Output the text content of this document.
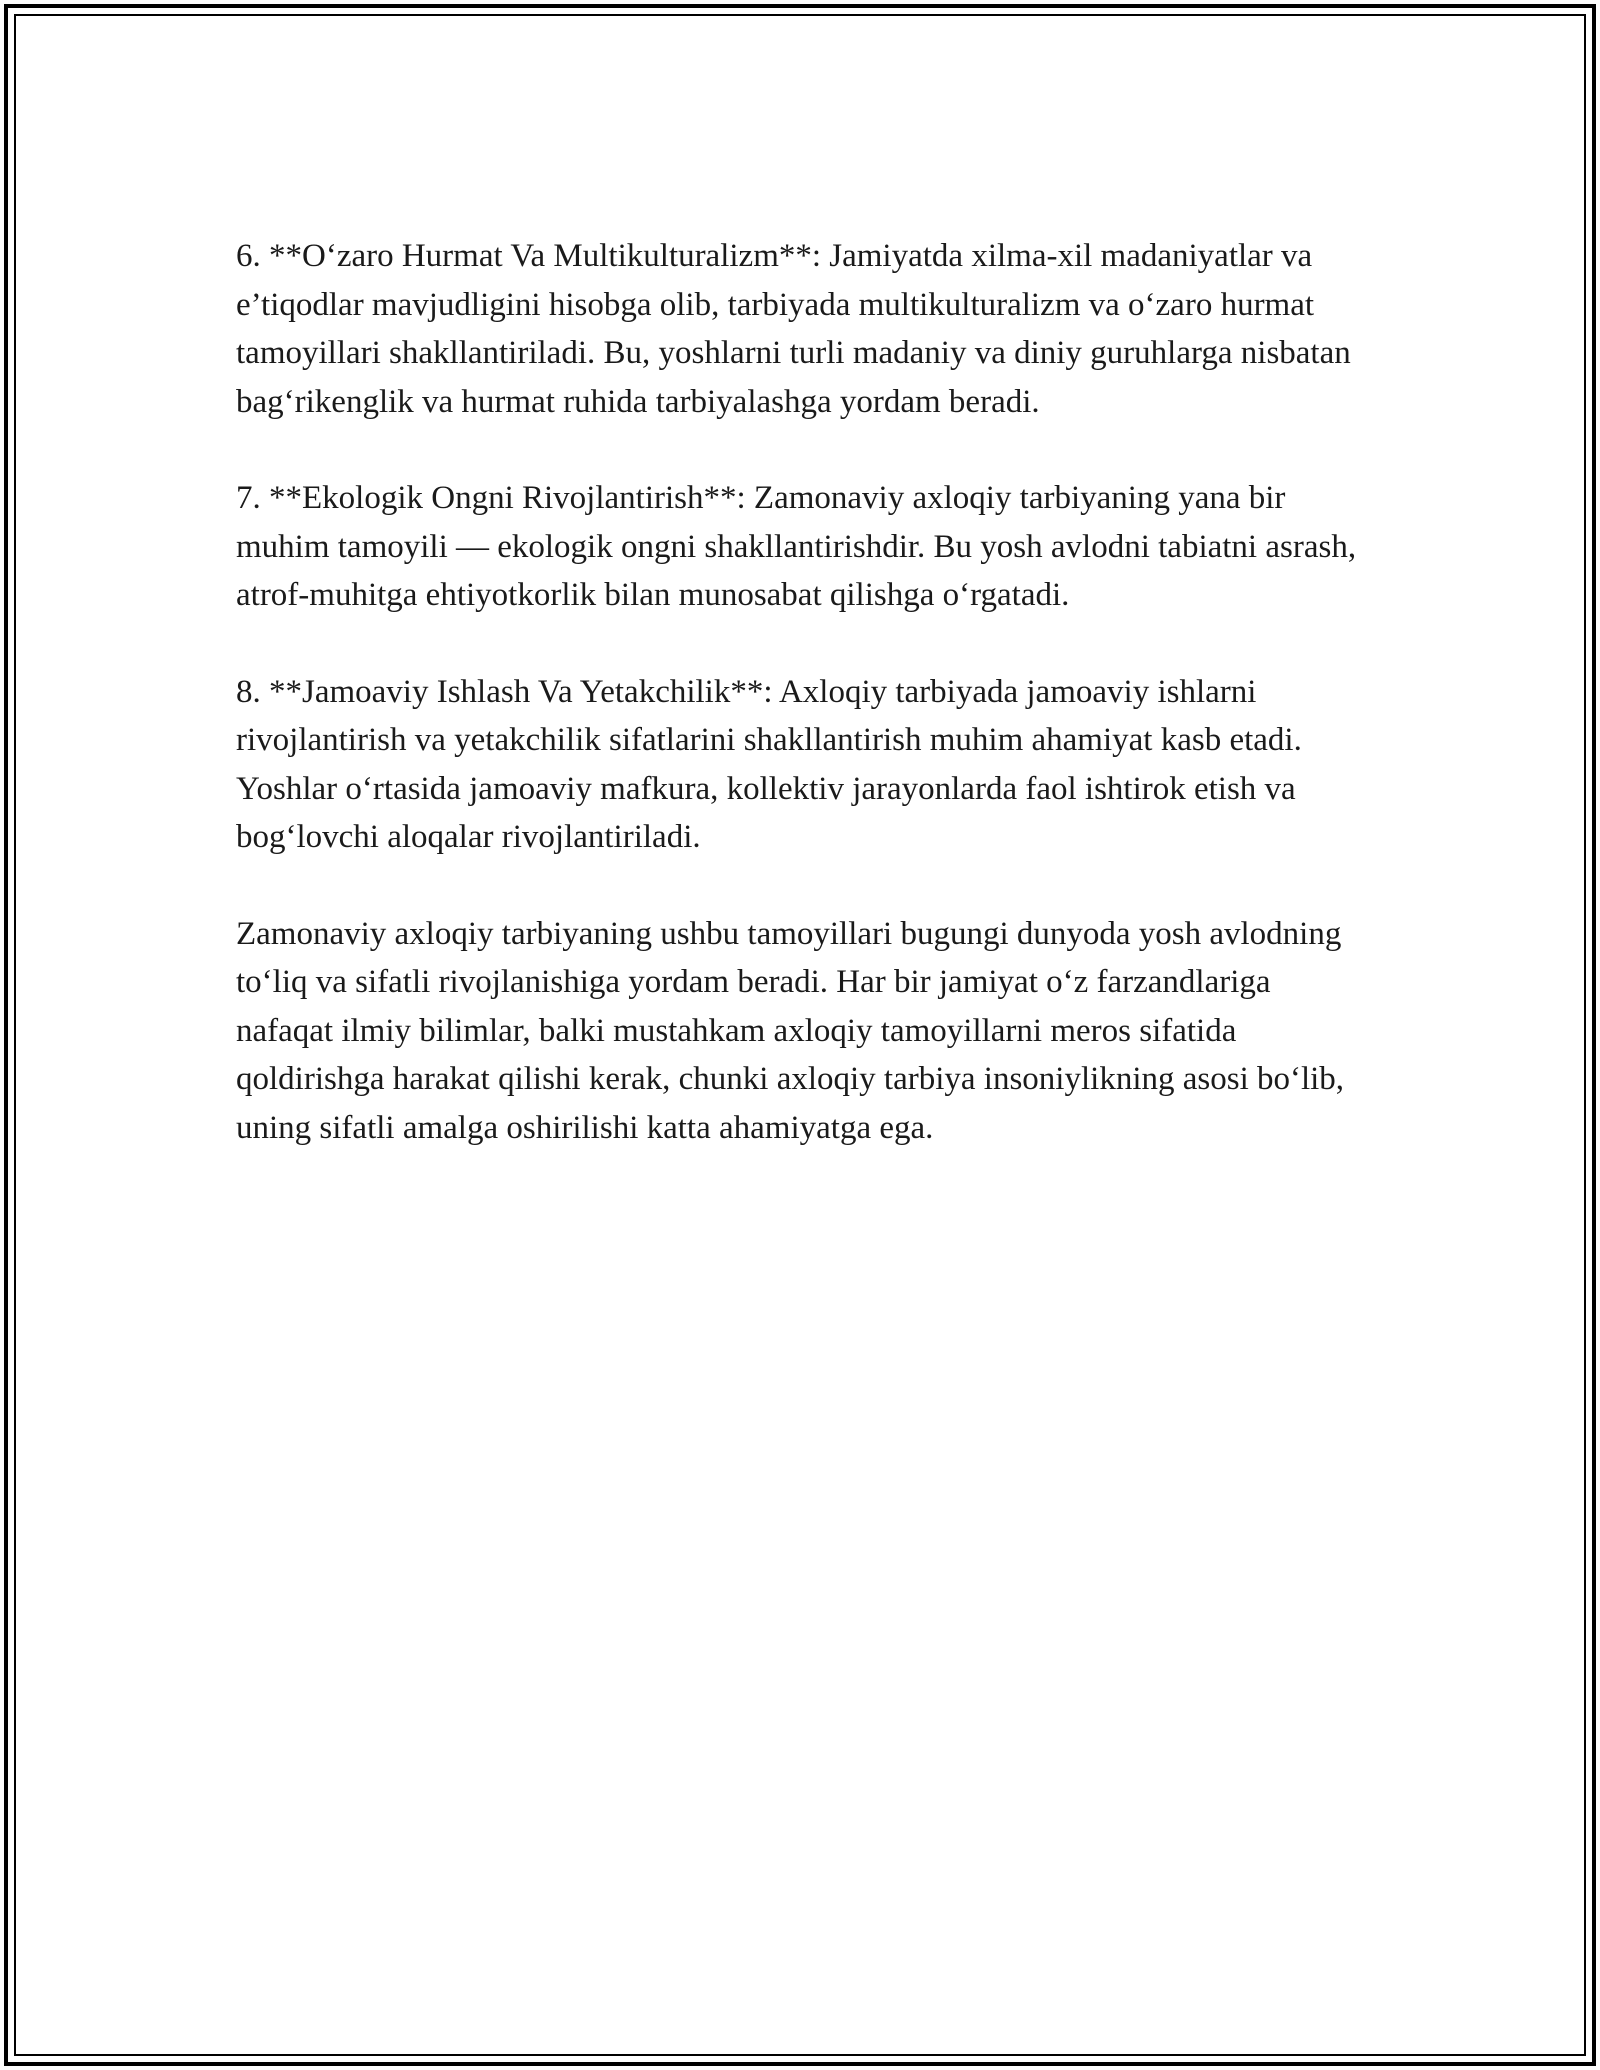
6. **O‘zaro Hurmat Va Multikulturalizm**: Jamiyatda xilma-xil madaniyatlar va e’tiqodlar mavjudligini hisobga olib, tarbiyada multikulturalizm va o‘zaro hurmat tamoyillari shakllantiriladi. Bu, yoshlarni turli madaniy va diniy guruhlarga nisbatan bag‘rikenglik va hurmat ruhida tarbiyalashga yordam beradi.

7. **Ekologik Ongni Rivojlantirish**: Zamonaviy axloqiy tarbiyaning yana bir muhim tamoyili — ekologik ongni shakllantirishdir. Bu yosh avlodni tabiatni asrash, atrof-muhitga ehtiyotkorlik bilan munosabat qilishga o‘rgatadi.

8. **Jamoaviy Ishlash Va Yetakchilik**: Axloqiy tarbiyada jamoaviy ishlarni rivojlantirish va yetakchilik sifatlarini shakllantirish muhim ahamiyat kasb etadi. Yoshlar o‘rtasida jamoaviy mafkura, kollektiv jarayonlarda faol ishtirok etish va bog‘lovchi aloqalar rivojlantiriladi.

Zamonaviy axloqiy tarbiyaning ushbu tamoyillari bugungi dunyoda yosh avlodning to‘liq va sifatli rivojlanishiga yordam beradi. Har bir jamiyat o‘z farzandlariga nafaqat ilmiy bilimlar, balki mustahkam axloqiy tamoyillarni meros sifatida qoldirishga harakat qilishi kerak, chunki axloqiy tarbiya insoniylikning asosi bo‘lib, uning sifatli amalga oshirilishi katta ahamiyatga ega.
